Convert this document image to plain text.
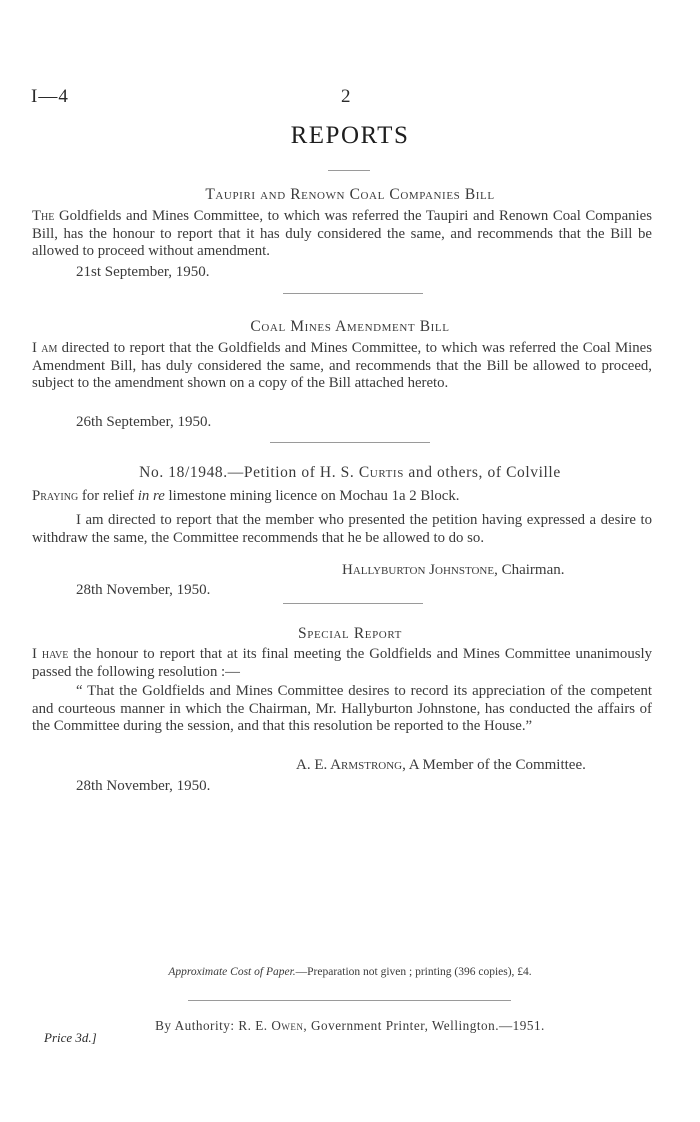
I—4	2
REPORTS
Taupiri and Renown Coal Companies Bill
The Goldfields and Mines Committee, to which was referred the Taupiri and Renown Coal Companies Bill, has the honour to report that it has duly considered the same, and recommends that the Bill be allowed to proceed without amendment.
21st September, 1950.
Coal Mines Amendment Bill
I am directed to report that the Goldfields and Mines Committee, to which was referred the Coal Mines Amendment Bill, has duly considered the same, and recommends that the Bill be allowed to proceed, subject to the amendment shown on a copy of the Bill attached hereto.
26th September, 1950.
No. 18/1948.—Petition of H. S. Curtis and others, of Colville
Praying for relief in re limestone mining licence on Mochau 1a 2 Block.
I am directed to report that the member who presented the petition having expressed a desire to withdraw the same, the Committee recommends that he be allowed to do so.
Hallyburton Johnstone, Chairman.
28th November, 1950.
Special Report
I have the honour to report that at its final meeting the Goldfields and Mines Committee unanimously passed the following resolution :—
“ That the Goldfields and Mines Committee desires to record its appreciation of the competent and courteous manner in which the Chairman, Mr. Hallyburton Johnstone, has conducted the affairs of the Committee during the session, and that this resolution be reported to the House.”
A. E. Armstrong, A Member of the Committee.
28th November, 1950.
Approximate Cost of Paper.—Preparation not given ; printing (396 copies), £4.
By Authority: R. E. Owen, Government Printer, Wellington.—1951.
Price 3d.]
